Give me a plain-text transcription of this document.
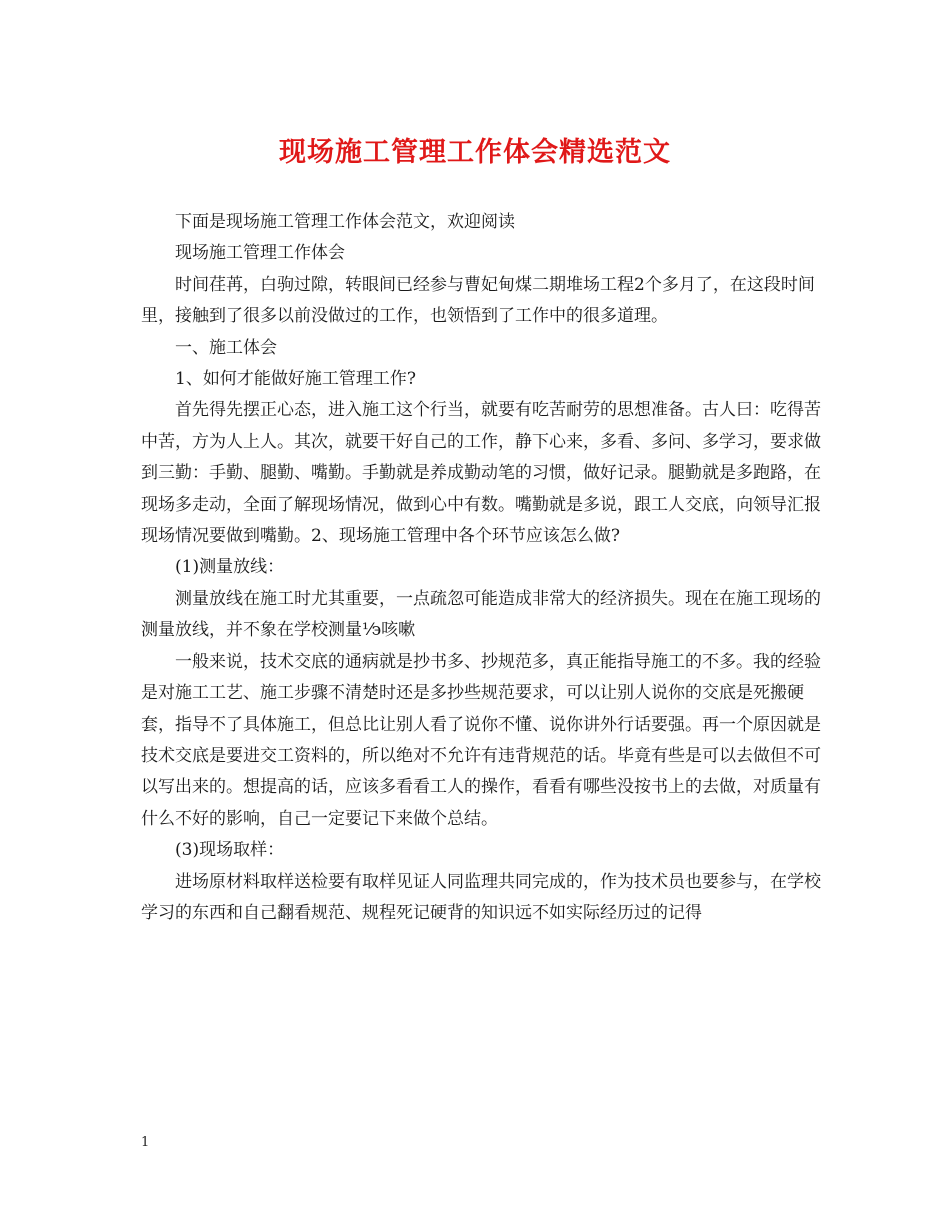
现场施工管理工作体会精选范文

下面是现场施工管理工作体会范文，欢迎阅读

现场施工管理工作体会

时间荏苒，白驹过隙，转眼间已经参与曹妃甸煤二期堆场工程2个多月了，在这段时间里，接触到了很多以前没做过的工作，也领悟到了工作中的很多道理。

一、施工体会

1、如何才能做好施工管理工作?

首先得先摆正心态，进入施工这个行当，就要有吃苦耐劳的思想准备。古人曰：吃得苦中苦，方为人上人。其次，就要干好自己的工作，静下心来，多看、多问、多学习，要求做到三勤：手勤、腿勤、嘴勤。手勤就是养成勤动笔的习惯，做好记录。腿勤就是多跑路，在现场多走动，全面了解现场情况，做到心中有数。嘴勤就是多说，跟工人交底，向领导汇报现场情况要做到嘴勤。2、现场施工管理中各个环节应该怎么做?

(1)测量放线：

测量放线在施工时尤其重要，一点疏忽可能造成非常大的经济损失。现在在施工现场的测量放线，并不象在学校测量⅟϶咳嗽

一般来说，技术交底的通病就是抄书多、抄规范多，真正能指导施工的不多。我的经验是对施工工艺、施工步骤不清楚时还是多抄些规范要求，可以让别人说你的交底是死搬硬套，指导不了具体施工，但总比让别人看了说你不懂、说你讲外行话要强。再一个原因就是技术交底是要进交工资料的，所以绝对不允许有违背规范的话。毕竟有些是可以去做但不可以写出来的。想提高的话，应该多看看工人的操作，看看有哪些没按书上的去做，对质量有什么不好的影响，自己一定要记下来做个总结。

(3)现场取样：

进场原材料取样送检要有取样见证人同监理共同完成的，作为技术员也要参与，在学校学习的东西和自己翻看规范、规程死记硬背的知识远不如实际经历过的记得

1
